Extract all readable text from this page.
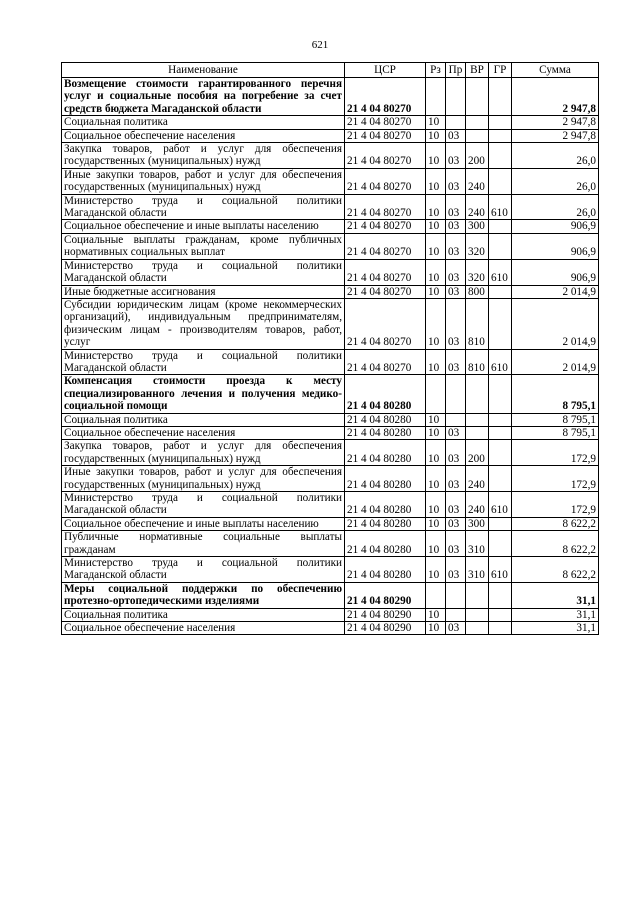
621
Наименование	ЦСР	Рз	Пр	ВР	ГР	Сумма
Возмещение стоимости гарантированного перечня услуг и социальные пособия на погребение за счет средств бюджета Магаданской области	21 4 04 80270					2 947,8
Социальная политика	21 4 04 80270	10				2 947,8
Социальное обеспечение населения	21 4 04 80270	10	03			2 947,8
Закупка товаров, работ и услуг для обеспечения государственных (муниципальных) нужд	21 4 04 80270	10	03	200		26,0
Иные закупки товаров, работ и услуг для обеспечения государственных (муниципальных) нужд	21 4 04 80270	10	03	240		26,0
Министерство труда и социальной политики Магаданской области	21 4 04 80270	10	03	240	610	26,0
Социальное обеспечение и иные выплаты населению	21 4 04 80270	10	03	300		906,9
Социальные выплаты гражданам, кроме публичных нормативных социальных выплат	21 4 04 80270	10	03	320		906,9
Министерство труда и социальной политики Магаданской области	21 4 04 80270	10	03	320	610	906,9
Иные бюджетные ассигнования	21 4 04 80270	10	03	800		2 014,9
Субсидии юридическим лицам (кроме некоммерческих организаций), индивидуальным предпринимателям, физическим лицам - производителям товаров, работ, услуг	21 4 04 80270	10	03	810		2 014,9
Министерство труда и социальной политики Магаданской области	21 4 04 80270	10	03	810	610	2 014,9
Компенсация стоимости проезда к месту специализированного лечения и получения медико-социальной помощи	21 4 04 80280					8 795,1
Социальная политика	21 4 04 80280	10				8 795,1
Социальное обеспечение населения	21 4 04 80280	10	03			8 795,1
Закупка товаров, работ и услуг для обеспечения государственных (муниципальных) нужд	21 4 04 80280	10	03	200		172,9
Иные закупки товаров, работ и услуг для обеспечения государственных (муниципальных) нужд	21 4 04 80280	10	03	240		172,9
Министерство труда и социальной политики Магаданской области	21 4 04 80280	10	03	240	610	172,9
Социальное обеспечение и иные выплаты населению	21 4 04 80280	10	03	300		8 622,2
Публичные нормативные социальные выплаты гражданам	21 4 04 80280	10	03	310		8 622,2
Министерство труда и социальной политики Магаданской области	21 4 04 80280	10	03	310	610	8 622,2
Меры социальной поддержки по обеспечению протезно-ортопедическими изделиями	21 4 04 80290					31,1
Социальная политика	21 4 04 80290	10				31,1
Социальное обеспечение населения	21 4 04 80290	10	03			31,1
